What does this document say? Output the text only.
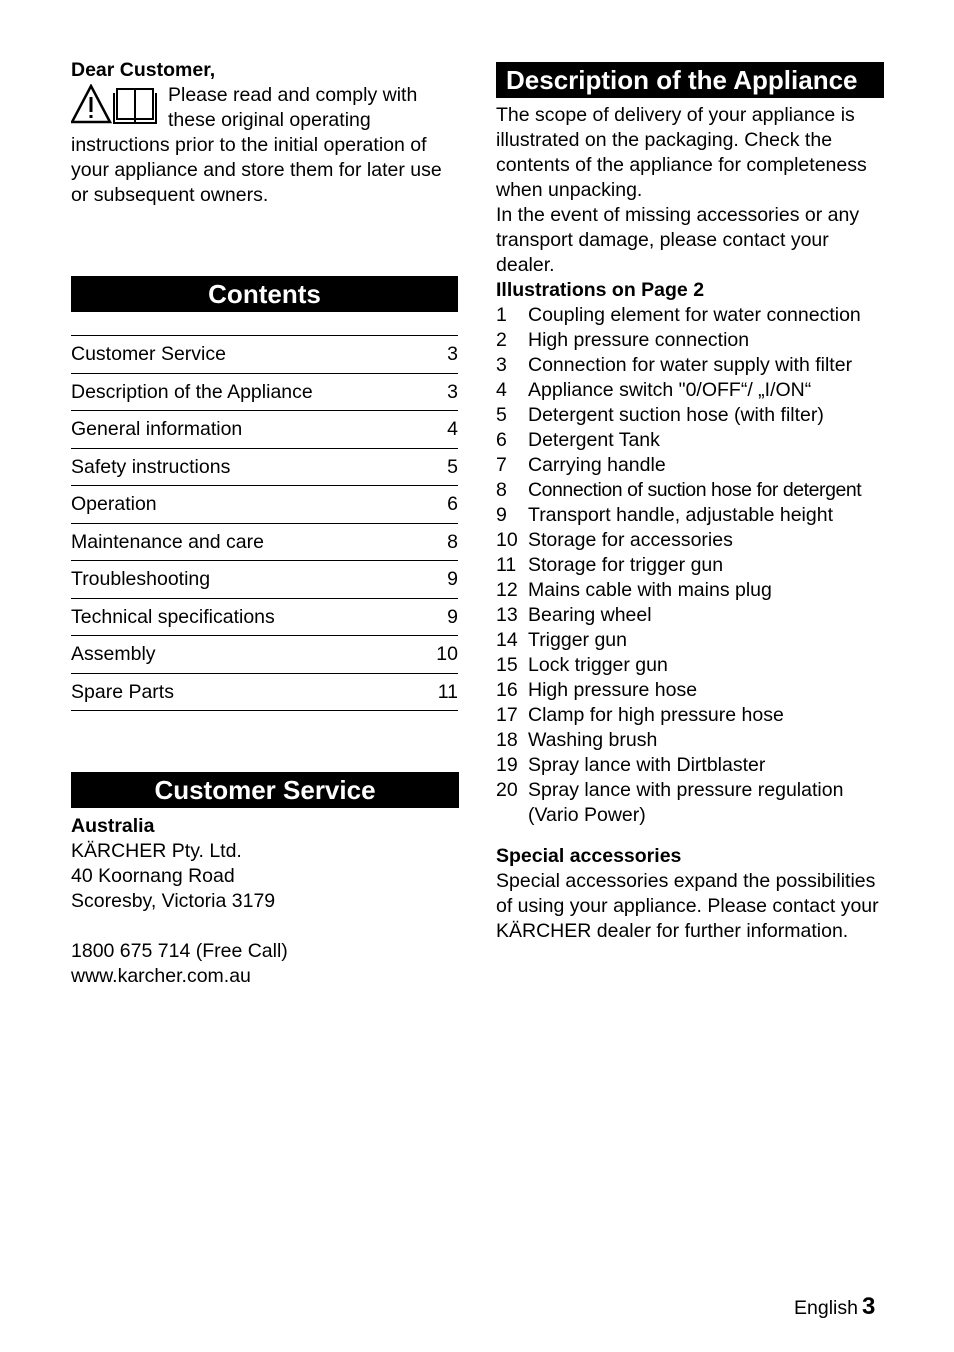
Dear Customer,

Please read and comply with these original operating instructions prior to the initial operation of your appliance and store them for later use or subsequent owners.

Contents
Customer Service	3
Description of the Appliance	3
General information	4
Safety instructions	5
Operation	6
Maintenance and care	8
Troubleshooting	9
Technical specifications	9
Assembly	10
Spare Parts	11
Customer Service
Australia
KÄRCHER Pty. Ltd.
40 Koornang Road
Scoresby, Victoria 3179
1800 675 714 (Free Call)
www.karcher.com.au
Description of the Appliance

The scope of delivery of your appliance is illustrated on the packaging. Check the contents of the appliance for completeness when unpacking.

In the event of missing accessories or any transport damage, please contact your dealer.

Illustrations on Page 2
1	Coupling element for water connection
2	High pressure connection
3	Connection for water supply with filter
4	Appliance switch "0/OFF“/ „I/ON“
5	Detergent suction hose (with filter)
6	Detergent Tank
7	Carrying handle
8	Connection of suction hose for detergent
9	Transport handle, adjustable height
10 Storage for accessories
11 Storage for trigger gun
12 Mains cable with mains plug
13 Bearing wheel
14 Trigger gun
15 Lock trigger gun
16 High pressure hose
17 Clamp for high pressure hose
18 Washing brush
19 Spray lance with Dirtblaster
20 Spray lance with pressure regulation
(Vario Power)
Special accessories

Special accessories expand the possibilities of using your appliance. Please contact your KÄRCHER dealer for further information.

English 3
